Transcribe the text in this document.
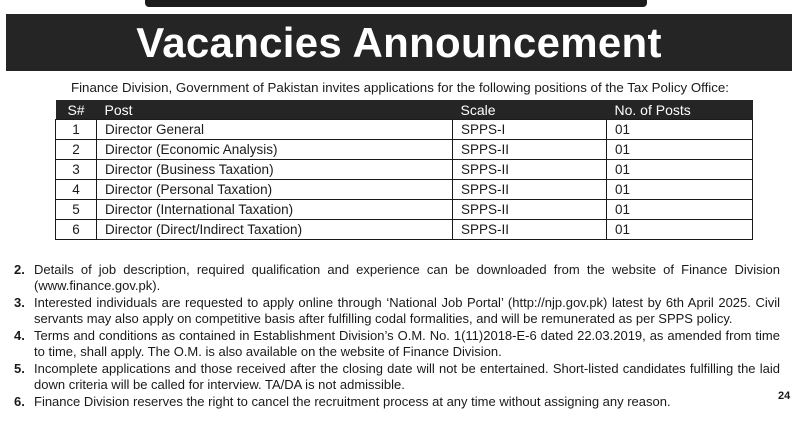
Vacancies Announcement
Finance Division, Government of Pakistan invites applications for the following positions of the Tax Policy Office:
S#	Post	Scale	No. of Posts
1	Director General	SPPS-I	01
2	Director (Economic Analysis)	SPPS-II	01
3	Director (Business Taxation)	SPPS-II	01
4	Director (Personal Taxation)	SPPS-II	01
5	Director (International Taxation)	SPPS-II	01
6	Director (Direct/Indirect Taxation)	SPPS-II	01
2. Details of job description, required qualification and experience can be downloaded from the website of Finance Division (www.finance.gov.pk).
3. Interested individuals are requested to apply online through ‘National Job Portal’ (http://njp.gov.pk) latest by 6th April 2025. Civil servants may also apply on competitive basis after fulfilling codal formalities, and will be remunerated as per SPPS policy.
4. Terms and conditions as contained in Establishment Division’s O.M. No. 1(11)2018-E-6 dated 22.03.2019, as amended from time to time, shall apply. The O.M. is also available on the website of Finance Division.
5. Incomplete applications and those received after the closing date will not be entertained. Short-listed candidates fulfilling the laid down criteria will be called for interview. TA/DA is not admissible.
6. Finance Division reserves the right to cancel the recruitment process at any time without assigning any reason.	24
